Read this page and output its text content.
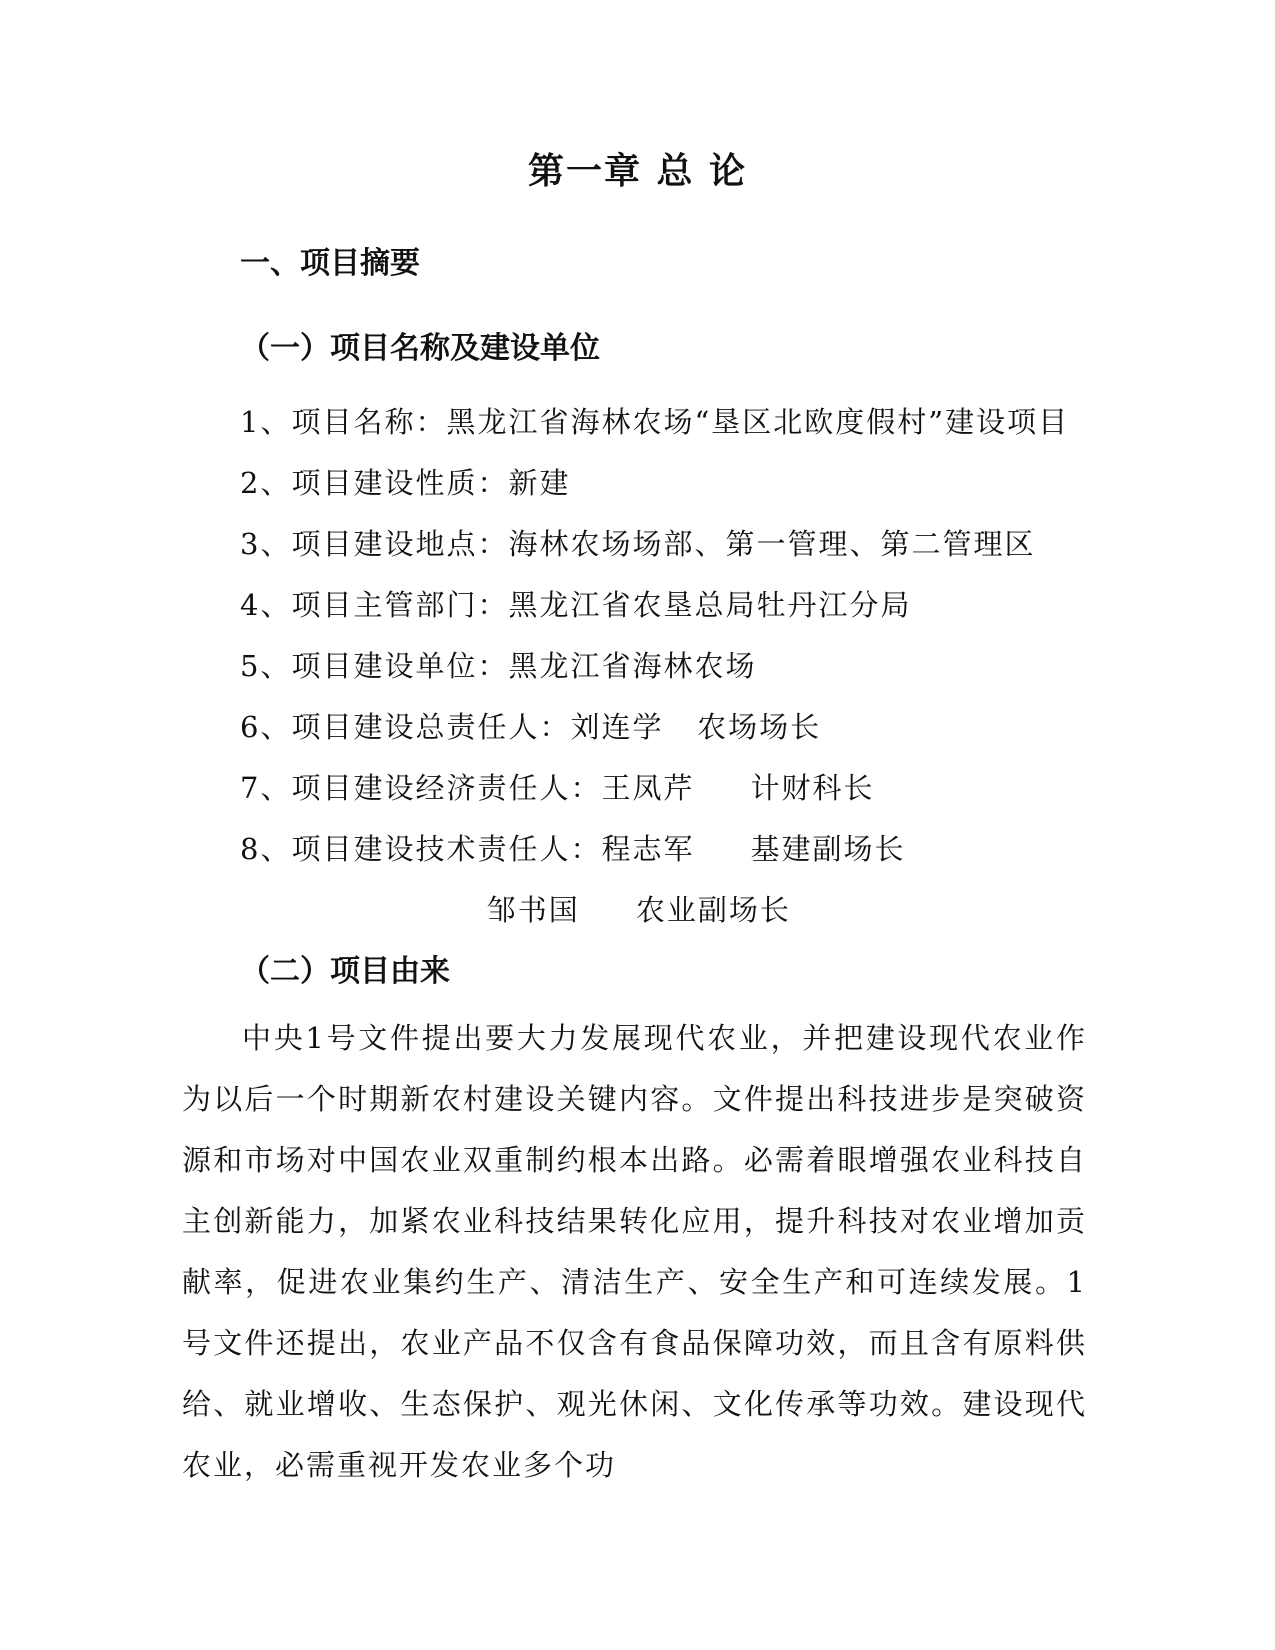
第一章 总 论
一、项目摘要
（一）项目名称及建设单位
1、项目名称：黑龙江省海林农场“垦区北欧度假村”建设项目
2、项目建设性质：新建
3、项目建设地点：海林农场场部、第一管理、第二管理区
4、项目主管部门：黑龙江省农垦总局牡丹江分局
5、项目建设单位：黑龙江省海林农场
6、项目建设总责任人：刘连学   农场场长
7、项目建设经济责任人：王凤芹     计财科长
8、项目建设技术责任人：程志军     基建副场长
邹书国     农业副场长
（二）项目由来

中央1号文件提出要大力发展现代农业，并把建设现代农业作为以后一个时期新农村建设关键内容。文件提出科技进步是突破资源和市场对中国农业双重制约根本出路。必需着眼增强农业科技自主创新能力，加紧农业科技结果转化应用，提升科技对农业增加贡献率，促进农业集约生产、清洁生产、安全生产和可连续发展。1号文件还提出，农业产品不仅含有食品保障功效，而且含有原料供给、就业增收、生态保护、观光休闲、文化传承等功效。建设现代农业，必需重视开发农业多个功
